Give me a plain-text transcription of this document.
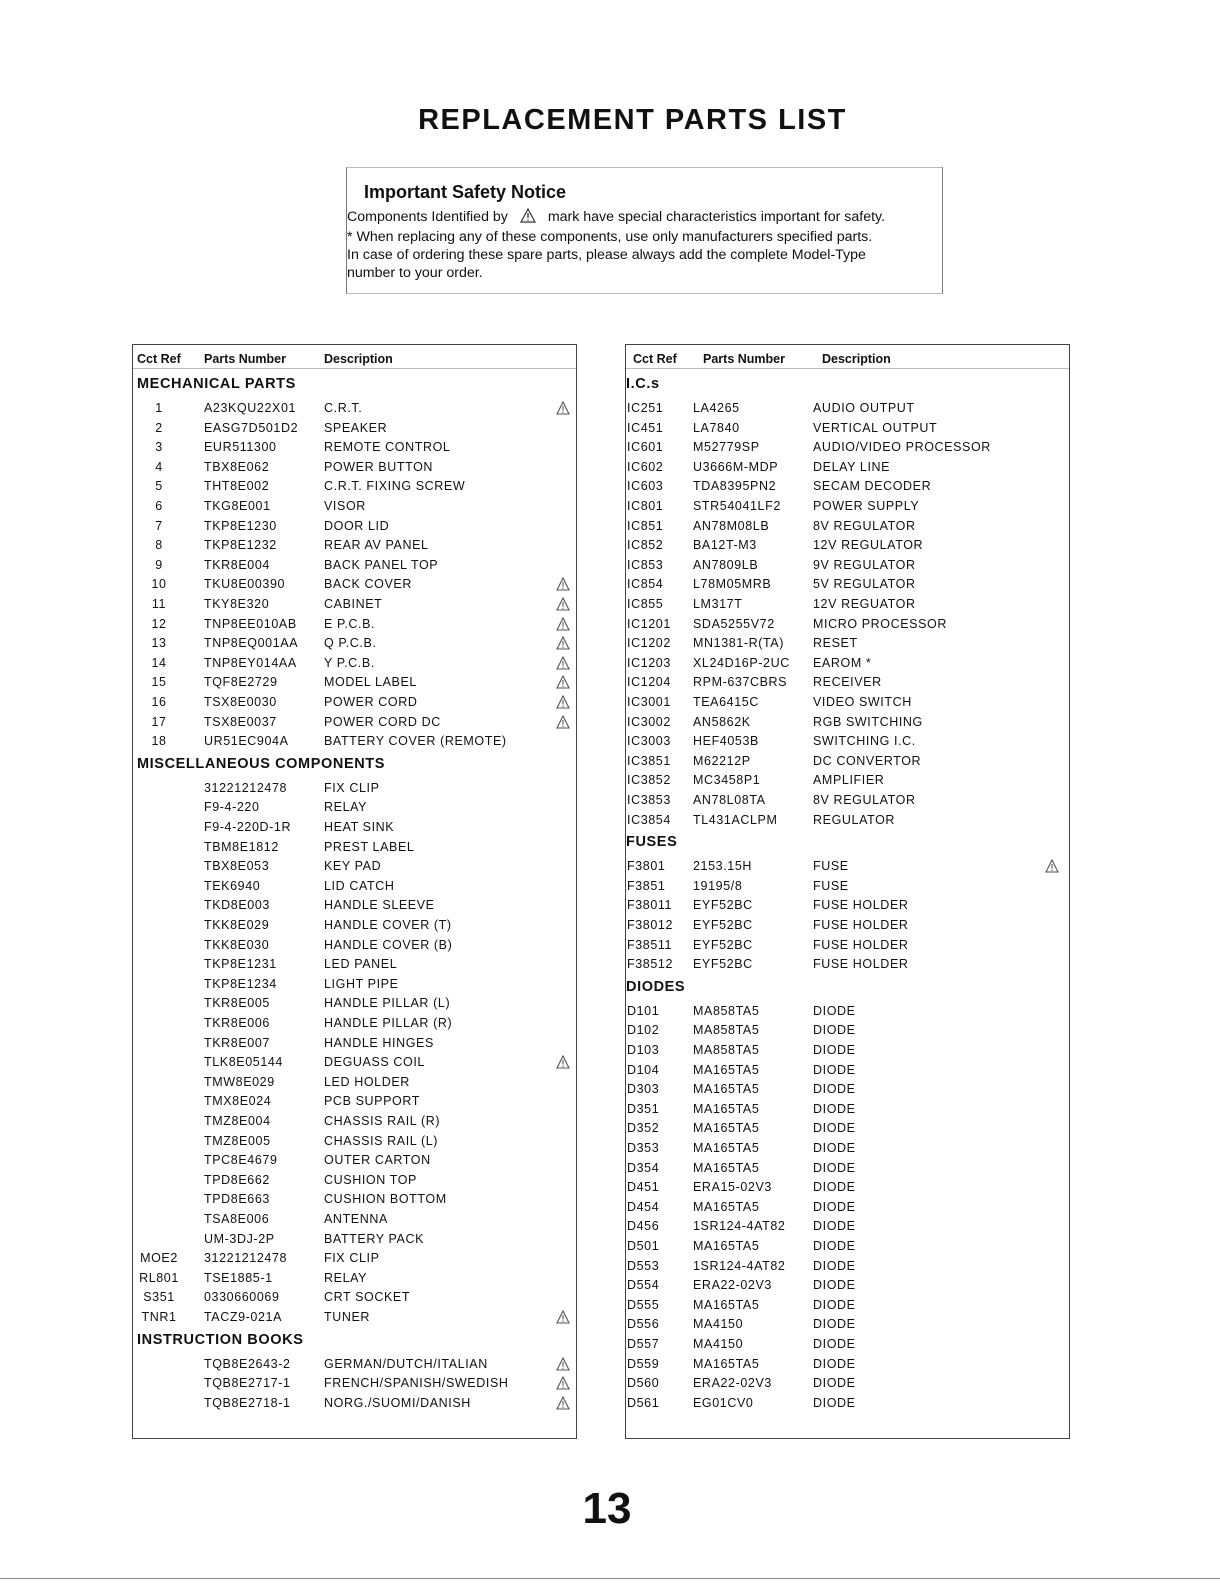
REPLACEMENT PARTS LIST
Important Safety Notice
Components Identified by	mark have special characteristics important for safety.
* When replacing any of these components, use only manufacturers specified parts.
In case of ordering these spare parts, please always add the complete Model-Type
number to your order.
Cct Ref Parts Number	Description
MECHANICAL PARTS
1	A23KQU22X01 C.R.T.
2	EASG7D501D2 SPEAKER
3	EUR511300	REMOTE CONTROL
4	TBX8E062	POWER BUTTON
5	THT8E002	C.R.T. FIXING SCREW
6	TKG8E001	VISOR
7	TKP8E1230	DOOR LID
8	TKP8E1232	REAR AV PANEL
9	TKR8E004	BACK PANEL TOP
10	TKU8E00390	BACK COVER
11	TKY8E320	CABINET
12	TNP8EE010AB E P.C.B.
13	TNP8EQ001AA Q P.C.B.
14	TNP8EY014AA Y P.C.B.
15	TQF8E2729	MODEL LABEL
16	TSX8E0030	POWER CORD
17	TSX8E0037	POWER CORD DC
18	UR51EC904A	BATTERY COVER (REMOTE)
MISCELLANEOUS COMPONENTS
31221212478	FIX CLIP
F9-4-220	RELAY
F9-4-220D-1R	HEAT SINK
TBM8E1812	PREST LABEL
TBX8E053	KEY PAD
TEK6940	LID CATCH
TKD8E003	HANDLE SLEEVE
TKK8E029	HANDLE COVER (T)
TKK8E030	HANDLE COVER (B)
TKP8E1231	LED PANEL
TKP8E1234	LIGHT PIPE
TKR8E005	HANDLE PILLAR (L)
TKR8E006	HANDLE PILLAR (R)
TKR8E007	HANDLE HINGES
TLK8E05144	DEGUASS COIL
TMW8E029	LED HOLDER
TMX8E024	PCB SUPPORT
TMZ8E004	CHASSIS RAIL (R)
TMZ8E005	CHASSIS RAIL (L)
TPC8E4679	OUTER CARTON
TPD8E662	CUSHION TOP
TPD8E663	CUSHION BOTTOM
TSA8E006	ANTENNA
UM-3DJ-2P	BATTERY PACK
MOE2 31221212478	FIX CLIP
RL801 TSE1885-1	RELAY
S351	0330660069	CRT SOCKET
TNR1 TACZ9-021A	TUNER
INSTRUCTION BOOKS
TQB8E2643-2	GERMAN/DUTCH/ITALIAN
TQB8E2717-1	FRENCH/SPANISH/SWEDISH
TQB8E2718-1	NORG./SUOMI/DANISH
Cct Ref Parts Number	Description
I.C.s
IC251 LA4265	AUDIO OUTPUT
IC451 LA7840	VERTICAL OUTPUT
IC601 M52779SP	AUDIO/VIDEO PROCESSOR
IC602 U3666M-MDP	DELAY LINE
IC603 TDA8395PN2	SECAM DECODER
IC801 STR54041LF2	POWER SUPPLY
IC851 AN78M08LB	8V REGULATOR
IC852 BA12T-M3	12V REGULATOR
IC853 AN7809LB	9V REGULATOR
IC854 L78M05MRB	5V REGULATOR
IC855 LM317T	12V REGUATOR
IC1201 SDA5255V72	MICRO PROCESSOR
IC1202 MN1381-R(TA) RESET
IC1203 XL24D16P-2UC EAROM *
IC1204 RPM-637CBRS RECEIVER
IC3001 TEA6415C	VIDEO SWITCH
IC3002 AN5862K	RGB SWITCHING
IC3003 HEF4053B	SWITCHING I.C.
IC3851 M62212P	DC CONVERTOR
IC3852 MC3458P1	AMPLIFIER
IC3853 AN78L08TA	8V REGULATOR
IC3854 TL431ACLPM	REGULATOR
FUSES
F3801 2153.15H	FUSE
F3851 19195/8	FUSE
F38011 EYF52BC	FUSE HOLDER
F38012 EYF52BC	FUSE HOLDER
F38511 EYF52BC	FUSE HOLDER
F38512 EYF52BC	FUSE HOLDER
DIODES
D101	MA858TA5	DIODE
D102	MA858TA5	DIODE
D103	MA858TA5	DIODE
D104	MA165TA5	DIODE
D303	MA165TA5	DIODE
D351	MA165TA5	DIODE
D352	MA165TA5	DIODE
D353	MA165TA5	DIODE
D354	MA165TA5	DIODE
D451	ERA15-02V3	DIODE
D454	MA165TA5	DIODE
D456	1SR124-4AT82 DIODE
D501	MA165TA5	DIODE
D553	1SR124-4AT82 DIODE
D554	ERA22-02V3	DIODE
D555	MA165TA5	DIODE
D556	MA4150	DIODE
D557	MA4150	DIODE
D559	MA165TA5	DIODE
D560	ERA22-02V3	DIODE
D561	EG01CV0	DIODE
13
